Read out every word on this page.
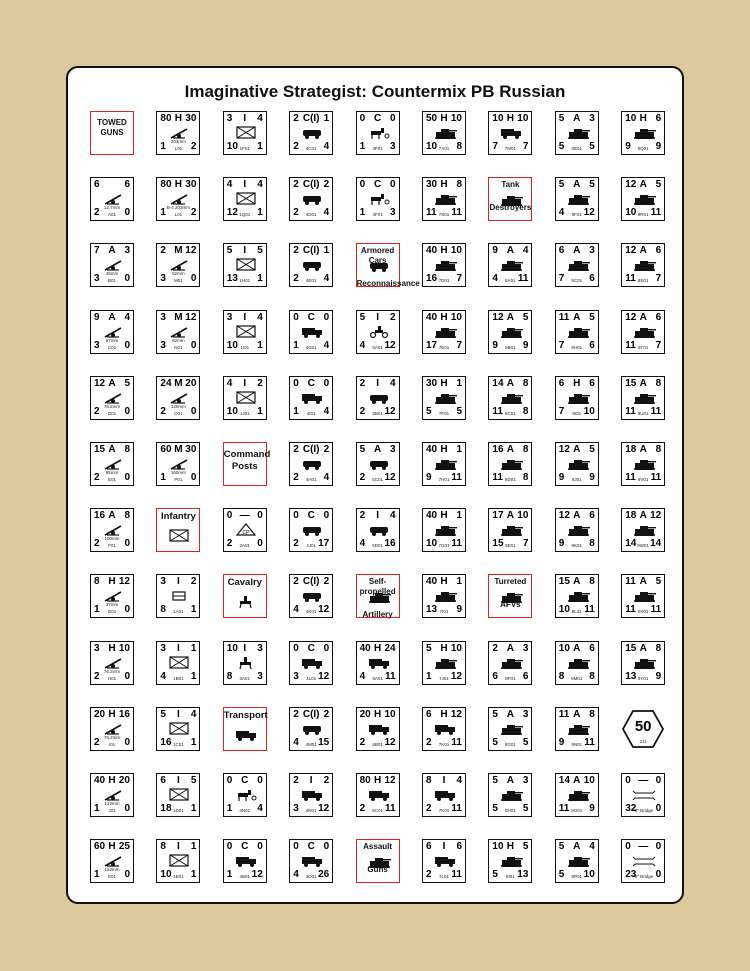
Imaginative Strategist: Countermix PB Russian
TOWED
GUNS
80 H 30
1 2
L01
203mm
3	I	4
10 1
1F01
2 C(I) 1
2 4
4C01
0 C 0
1 3
4F01
50 H 10
10 8
7A01
10 H 10
7 7
7M01
5 A 3
5 5
0E01
10 H 6
9 9
9Q01
6 6
2 0
A01
12.7mm
80 H 30
1 2
L01
B-4 203mm
4	I	4
12 1
1Q01
2 C(I) 2
2 4
4D01
0 C 0
1 3
4F01
30 H 8
11 11
7S01
Tank
Destroyers
5 A 5
4 12
9F01
12 A 5
10 11
9R01
7 A 3
3 0
B01
45mm
2 M 12
3 0
M01
82mm
5	I	5
13 1
1H01
2 C(I) 1
2 4
4E01
Armored Cars
Reconnaissance
40 H 10
16 7
7D01
9 A 4
4 11
8A01
6 A 3
7 6
9C01
12 A 6
11 7
9S01
9 A 4
3 0
C01
57mm
3 M 12
3 0
N01
82mm
3	I	4
10 1
1I01
0 C 0
1 4
4G01
5	I	2
4 12
5A01
40 H 10
17 7
7E01
12 A 5
9 9
8B01
11 A 5
7 6
9H01
12 A 6
11 7
9T01
12 A 5
2 0
D01
76.2mm
24 M 20
2 0
O01
120mm
4	I	2
10 1
1J01
0 C 0
1 4
4I01
2	I	4
2 12
5B01
30 H 1
5 5
7F01
14 A 8
11 8
8C01
6 H 6
7 10
9I01
15 A 8
11 11
9U01
15 A 8
2 0
E01
85mm
60 M 30
1 0
P01
160mm
Command
Posts
2 C(I) 2
2 4
4H01
5 A 3
2 12
5C01
40 H 1
9 11
7H01
16 A 8
11 8
8D01
12 A 5
9 9
9J01
18 A 8
11 11
9V01
16 A 8
2 0
F01
100mm
Infantry	0 — 0
2 0
2A01
CP
0 C 0
2 17
4J01
2	I	4
4 16
5D01
40 H 1
10 11
7G01
17 A 10
15 7
8E01
12 A 6
9 8
9K01
18 A 12
14 14
9W01
8 H 12
1 0
G01
37mm
3	I	2
8 1
1A01
Cavalry	2 C(I) 2
4 12
4K01
Self-propelled
Artillery
40 H 1
13 9
7I01
Turreted
AFVs
15 A 8
10 11
9L01
11 A 5
11 11
0X01
3 H 10
2 0
H01
76.2mm
3	I	1
4 1
1B01
10 I	3
8 3
3A01
0 C 0
3 12
4L01
40 H 24
4 11
6A01
5 H 10
1 12
7J01
2 A 3
6 6
8F01
10 A 6
8 8
9M01
15 A 8
13 9
9Y01
20 H 16
2 0
I01
76.2mm
5	I	4
16 1
1C01
Transport	2 C(I) 2
4 15
4M01
20 H 10
2 12
6B01
6 H 12
2 11
7K01
5 A 3
5 5
8G01
11 A 8
9 11
9N01
50
211
40 H 20
1 0
J01
122mm
6	I	5
18 1
1D01
0 C 0
1 4
4N01
2	I	2
3 12
4N01
80 H 12
2 11
6C01
8	I	4
2 11
7K01
5 A 3
5 5
8H01
14 A 10
11 9
9O01
0 — 0
32 0
"3" Bridge
60 H 25
1 0
K01
152mm
8	I	1
10 1
1E01
0 C 0
1 12
4B01
0 C 0
4 26
4O01
Assault
Guns
6	I	6
2 11
7L01
10 H 5
5 13
8I01
5 A 4
5 10
9P01
0 — 0
23 0
"8" Bridge
